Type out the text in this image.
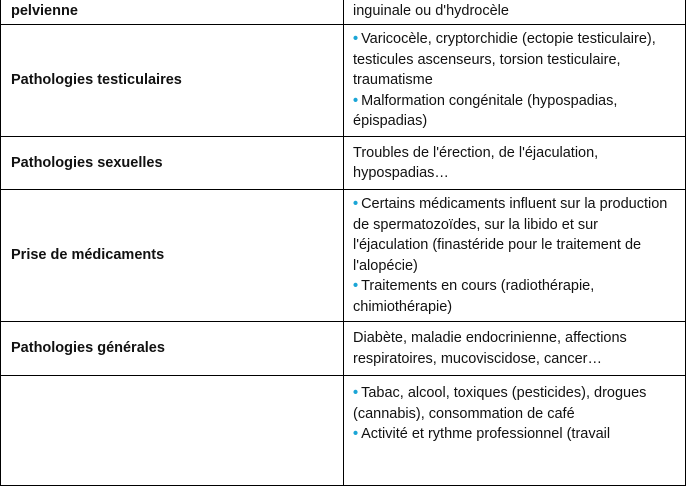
pelvienne	inguinale ou d'hydrocèle
Pathologies testiculaires	• Varicocèle, cryptorchidie (ectopie testiculaire), testicules ascenseurs, torsion testiculaire, traumatisme
• Malformation congénitale (hypospadias, épispadias)

Pathologies sexuelles	Troubles de l'érection, de l'éjaculation, hypospadias…
Prise de médicaments	• Certains médicaments influent sur la production de spermatozoïdes, sur la libido et sur l'éjaculation (finastéride pour le traitement de l'alopécie)
• Traitements en cours (radiothérapie, chimiothérapie)

Pathologies générales	Diabète, maladie endocrinienne, affections respiratoires, mucoviscidose, cancer…

	• Tabac, alcool, toxiques (pesticides), drogues (cannabis), consommation de café
• Activité et rythme professionnel (travail
